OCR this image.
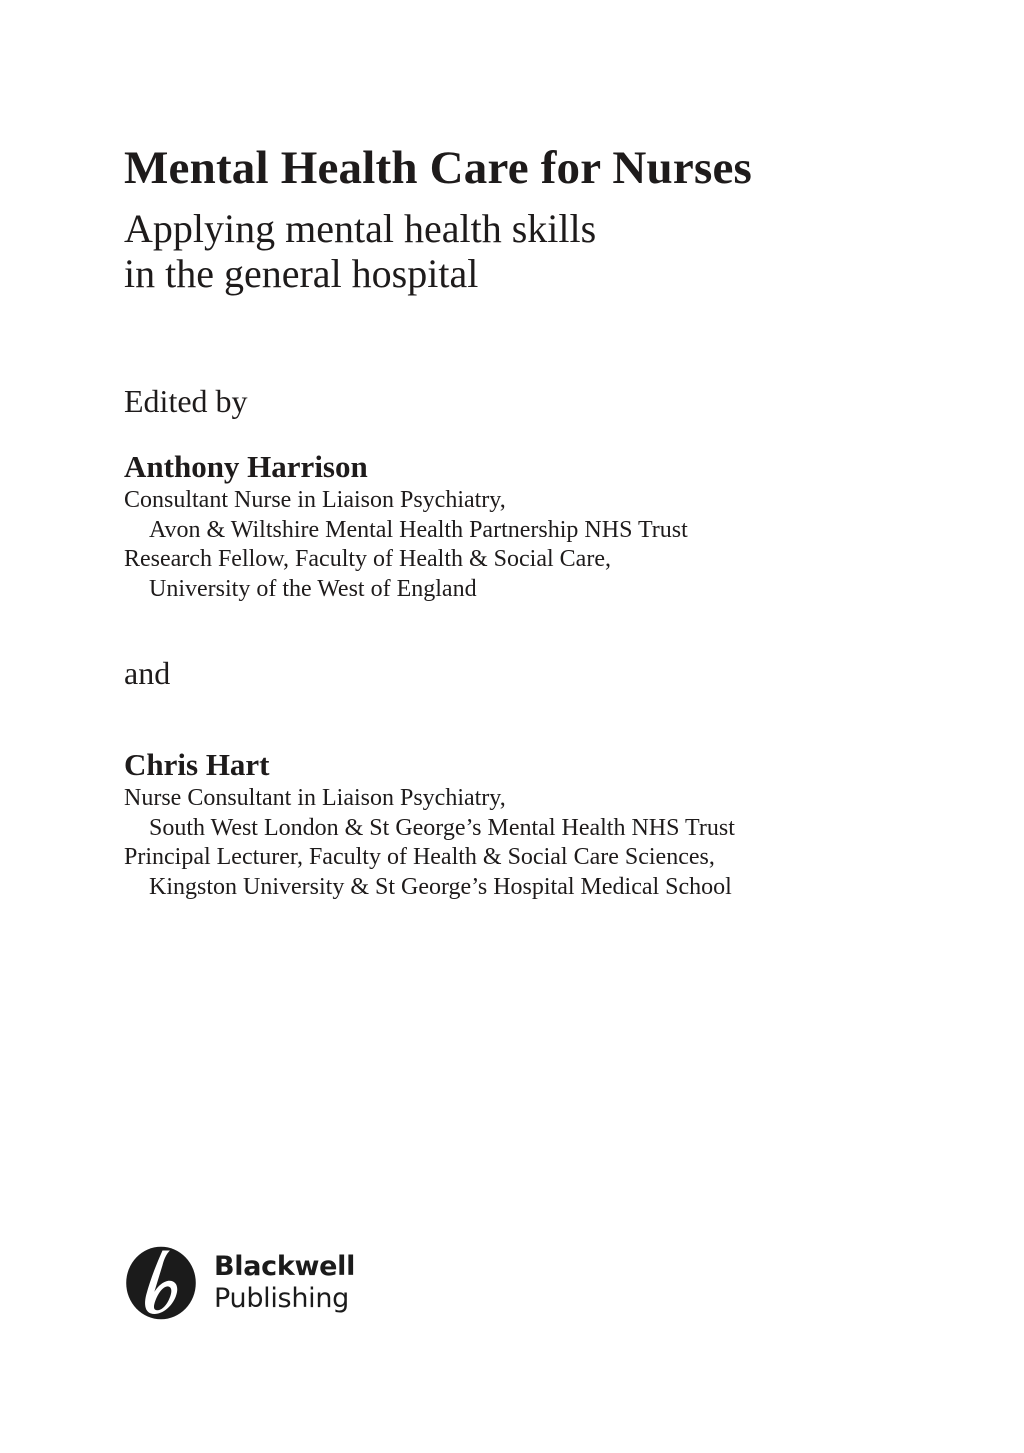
Mental Health Care for Nurses
Applying mental health skills
in the general hospital
Edited by
Anthony Harrison
Consultant Nurse in Liaison Psychiatry,
Avon & Wiltshire Mental Health Partnership NHS Trust
Research Fellow, Faculty of Health & Social Care,
University of the West of England
and
Chris Hart
Nurse Consultant in Liaison Psychiatry,
South West London & St George’s Mental Health NHS Trust
Principal Lecturer, Faculty of Health & Social Care Sciences,
Kingston University & St George’s Hospital Medical School
Blackwell
Publishing
